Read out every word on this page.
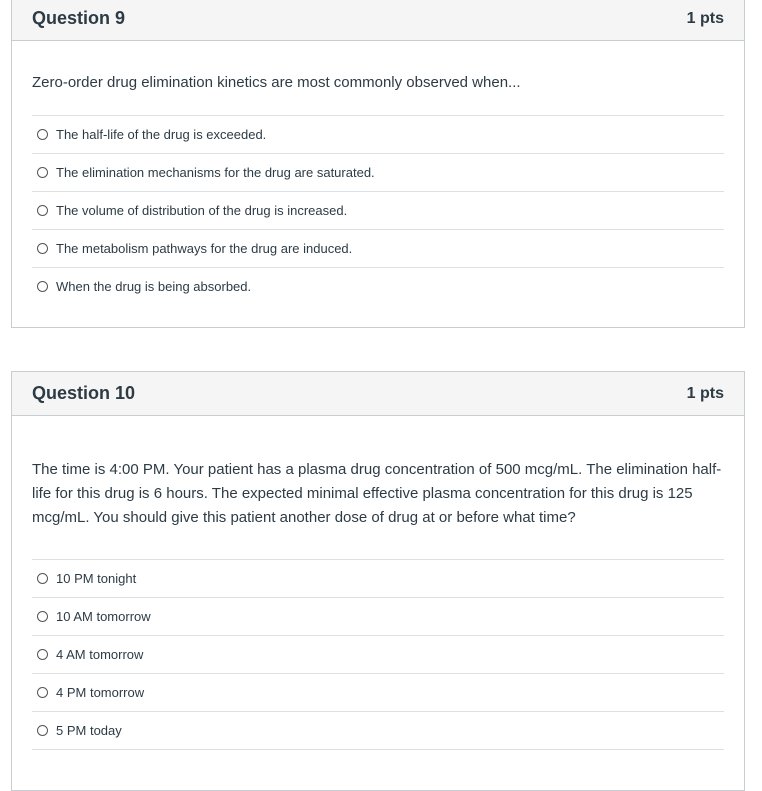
Question 9	1 pts
Zero-order drug elimination kinetics are most commonly observed when...
The half-life of the drug is exceeded.
The elimination mechanisms for the drug are saturated.
The volume of distribution of the drug is increased.
The metabolism pathways for the drug are induced.
When the drug is being absorbed.
Question 10	1 pts
The time is 4:00 PM. Your patient has a plasma drug concentration of 500 mcg/mL. The elimination half-life for this drug is 6 hours. The expected minimal effective plasma concentration for this drug is 125 mcg/mL. You should give this patient another dose of drug at or before what time?
10 PM tonight
10 AM tomorrow
4 AM tomorrow
4 PM tomorrow
5 PM today
